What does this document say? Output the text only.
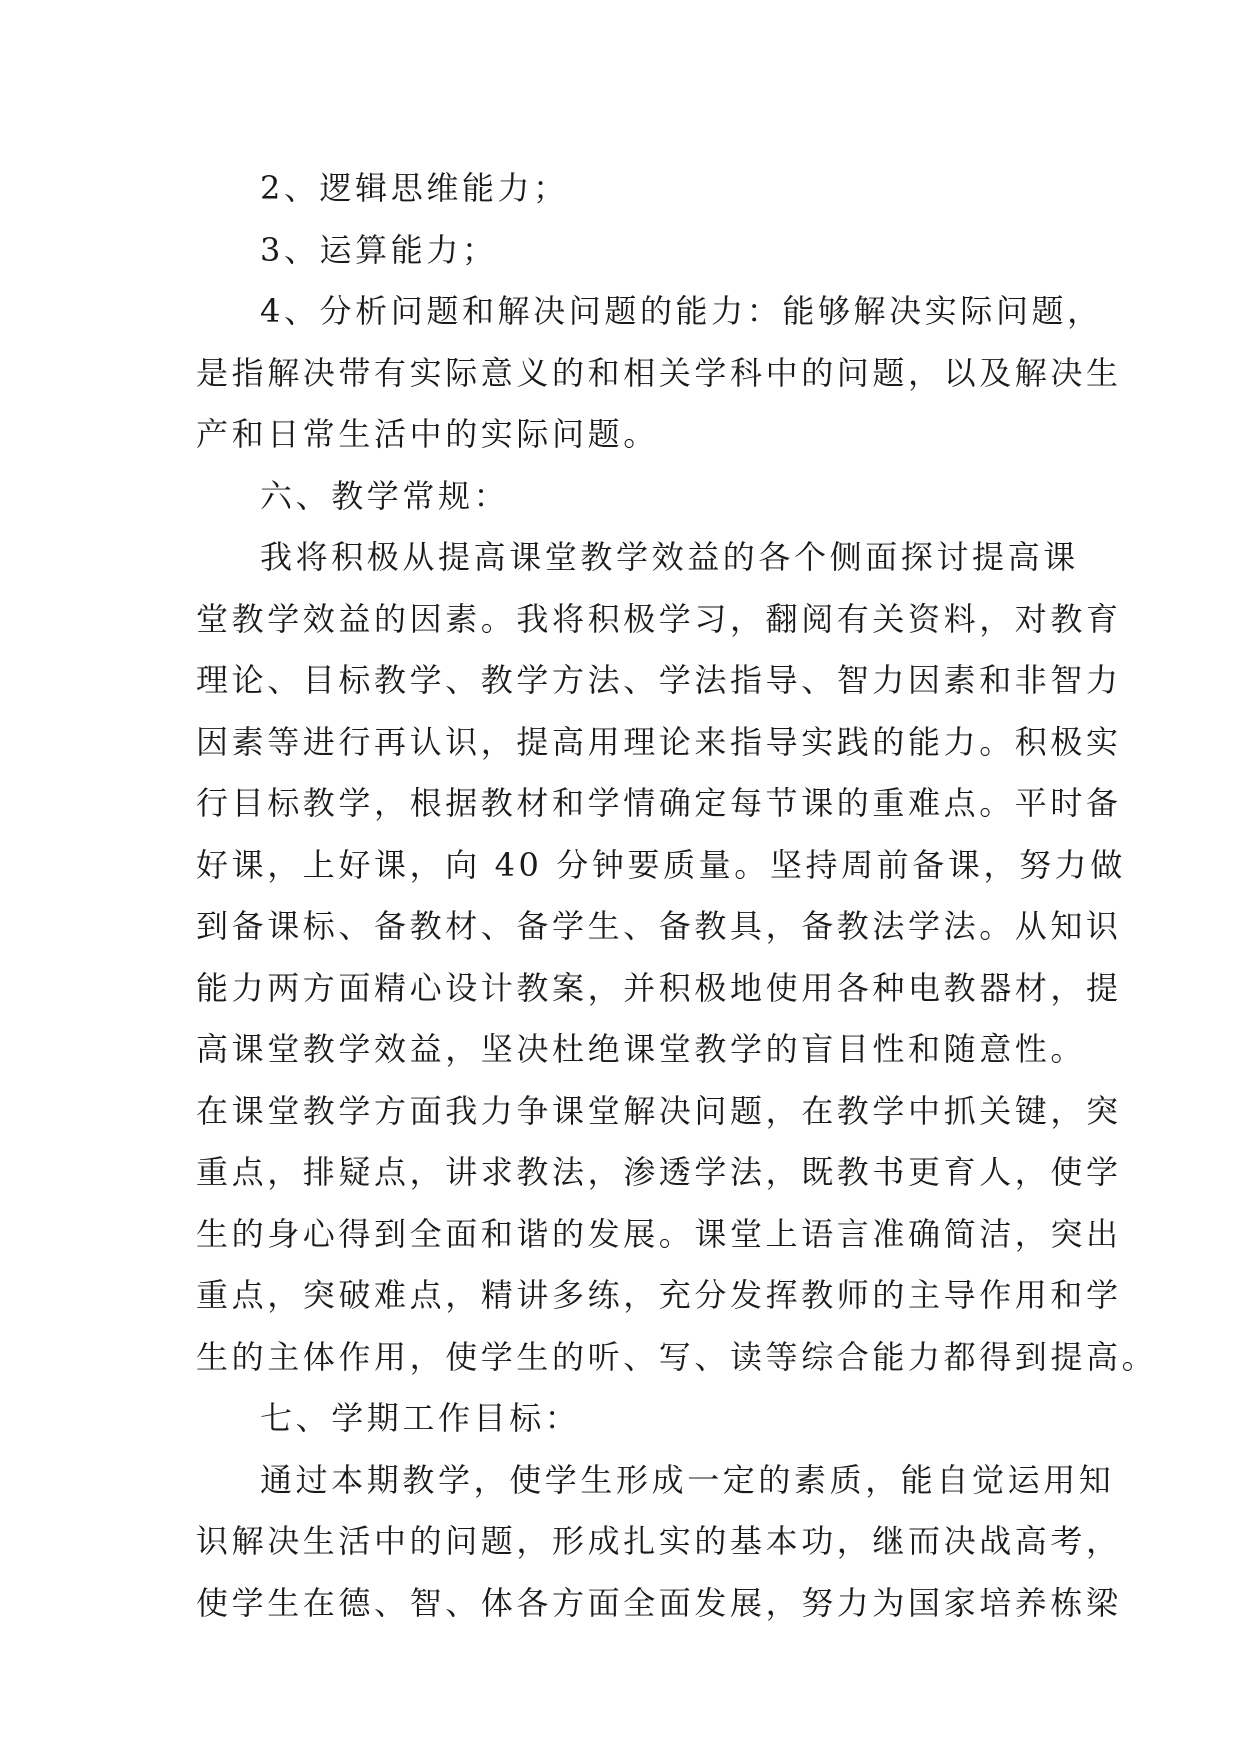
2、逻辑思维能力；
3、运算能力；
4、分析问题和解决问题的能力：能够解决实际问题，
是指解决带有实际意义的和相关学科中的问题，以及解决生
产和日常生活中的实际问题。
六、教学常规：
我将积极从提高课堂教学效益的各个侧面探讨提高课
堂教学效益的因素。我将积极学习，翻阅有关资料，对教育
理论、目标教学、教学方法、学法指导、智力因素和非智力
因素等进行再认识，提高用理论来指导实践的能力。积极实
行目标教学，根据教材和学情确定每节课的重难点。平时备
好课，上好课，向 40 分钟要质量。坚持周前备课，努力做
到备课标、备教材、备学生、备教具，备教法学法。从知识
能力两方面精心设计教案，并积极地使用各种电教器材，提
高课堂教学效益，坚决杜绝课堂教学的盲目性和随意性。
在课堂教学方面我力争课堂解决问题，在教学中抓关键，突
重点，排疑点，讲求教法，渗透学法，既教书更育人，使学
生的身心得到全面和谐的发展。课堂上语言准确简洁，突出
重点，突破难点，精讲多练，充分发挥教师的主导作用和学
生的主体作用，使学生的听、写、读等综合能力都得到提高。
七、学期工作目标：
通过本期教学，使学生形成一定的素质，能自觉运用知
识解决生活中的问题，形成扎实的基本功，继而决战高考，
使学生在德、智、体各方面全面发展，努力为国家培养栋梁
